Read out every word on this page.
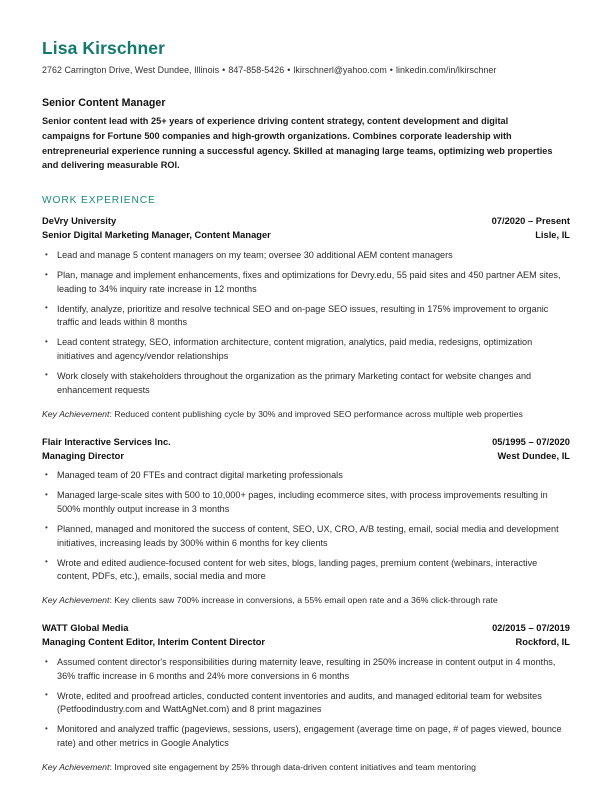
Lisa Kirschner
2762 Carrington Drive, West Dundee, Illinois • 847-858-5426 • lkirschnerl@yahoo.com • linkedin.com/in/lkirschner
Senior Content Manager
Senior content lead with 25+ years of experience driving content strategy, content development and digital campaigns for Fortune 500 companies and high-growth organizations. Combines corporate leadership with entrepreneurial experience running a successful agency. Skilled at managing large teams, optimizing web properties and delivering measurable ROI.
WORK EXPERIENCE
DeVry University	07/2020 – Present
Senior Digital Marketing Manager, Content Manager	Lisle, IL
• Lead and manage 5 content managers on my team; oversee 30 additional AEM content managers
• Plan, manage and implement enhancements, fixes and optimizations for Devry.edu, 55 paid sites and 450 partner AEM sites, leading to 34% inquiry rate increase in 12 months
• Identify, analyze, prioritize and resolve technical SEO and on-page SEO issues, resulting in 175% improvement to organic traffic and leads within 8 months
• Lead content strategy, SEO, information architecture, content migration, analytics, paid media, redesigns, optimization initiatives and agency/vendor relationships
• Work closely with stakeholders throughout the organization as the primary Marketing contact for website changes and enhancement requests
Key Achievement: Reduced content publishing cycle by 30% and improved SEO performance across multiple web properties
Flair Interactive Services Inc.	05/1995 – 07/2020
Managing Director	West Dundee, IL
• Managed team of 20 FTEs and contract digital marketing professionals
• Managed large-scale sites with 500 to 10,000+ pages, including ecommerce sites, with process improvements resulting in 500% monthly output increase in 3 months
• Planned, managed and monitored the success of content, SEO, UX, CRO, A/B testing, email, social media and development initiatives, increasing leads by 300% within 6 months for key clients
• Wrote and edited audience-focused content for web sites, blogs, landing pages, premium content (webinars, interactive content, PDFs, etc.), emails, social media and more
Key Achievement: Key clients saw 700% increase in conversions, a 55% email open rate and a 36% click-through rate
WATT Global Media	02/2015 – 07/2019
Managing Content Editor, Interim Content Director	Rockford, IL
• Assumed content director's responsibilities during maternity leave, resulting in 250% increase in content output in 4 months, 36% traffic increase in 6 months and 24% more conversions in 6 months
• Wrote, edited and proofread articles, conducted content inventories and audits, and managed editorial team for websites (Petfoodindustry.com and WattAgNet.com) and 8 print magazines
• Monitored and analyzed traffic (pageviews, sessions, users), engagement (average time on page, # of pages viewed, bounce rate) and other metrics in Google Analytics
Key Achievement: Improved site engagement by 25% through data-driven content initiatives and team mentoring
